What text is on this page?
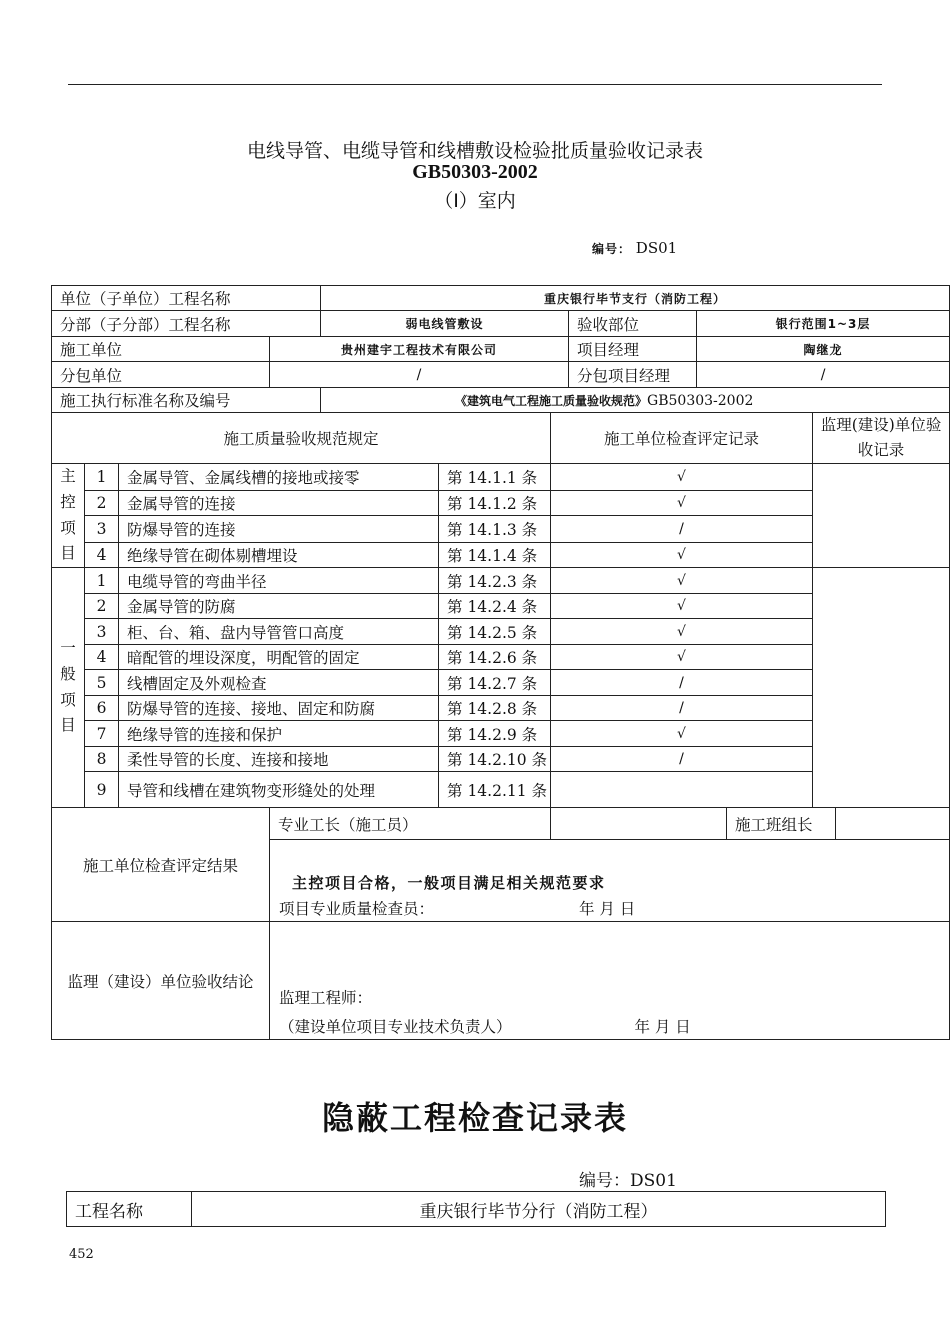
电线导管、电缆导管和线槽敷设检验批质量验收记录表
GB50303-2002
（Ⅰ）室内
编号： DS01
单位（子单位）工程名称				重庆银行毕节支行（消防工程）							
分部（子分部）工程名称				弱电线管敷设			验收部位	银行范围1~3层			
施工单位			贵州建宇工程技术有限公司				项目经理	陶继龙			
分包单位			/				分包项目经理	/			
施工执行标准名称及编号				《建筑电气工程施工质量验收规范》GB50303-2002							
施工质量验收规范规定						施工单位检查评定记录				监理(建设)单位验收记录	

主
控
项
目	1	金属导管、金属线槽的接地或接零			第 14.1.1 条	√					
	2	金属导管的连接			第 14.1.2 条	√					
	3	防爆导管的连接			第 14.1.3 条	/					
	4	绝缘导管在砌体剔槽埋设			第 14.1.4 条	√					

一
般
项
目	1	电缆导管的弯曲半径			第 14.2.3 条	√					
	2	金属导管的防腐			第 14.2.4 条	√					
	3	柜、台、箱、盘内导管管口高度			第 14.2.5 条	√					
	4	暗配管的埋设深度，明配管的固定			第 14.2.6 条	√					
	5	线槽固定及外观检查			第 14.2.7 条	/					
	6	防爆导管的连接、接地、固定和防腐			第 14.2.8 条	/					
	7	绝缘导管的连接和保护			第 14.2.9 条	√					
	8	柔性导管的长度、连接和接地			第 14.2.10 条	/					
	9	导管和线槽在建筑物变形缝处的处理			第 14.2.11 条						
施工单位检查评定结果			专业工长（施工员）						施工班组长		

			主控项目合格，一般项目满足相关规范要求
项目专业质量检查员： 年 月 日								

监理（建设）单位验收结论			监理工程师：
（建设单位项目专业技术负责人） 年 月 日								
隐蔽工程检查记录表
编号：DS01
工程名称	重庆银行毕节分行（消防工程）
452
